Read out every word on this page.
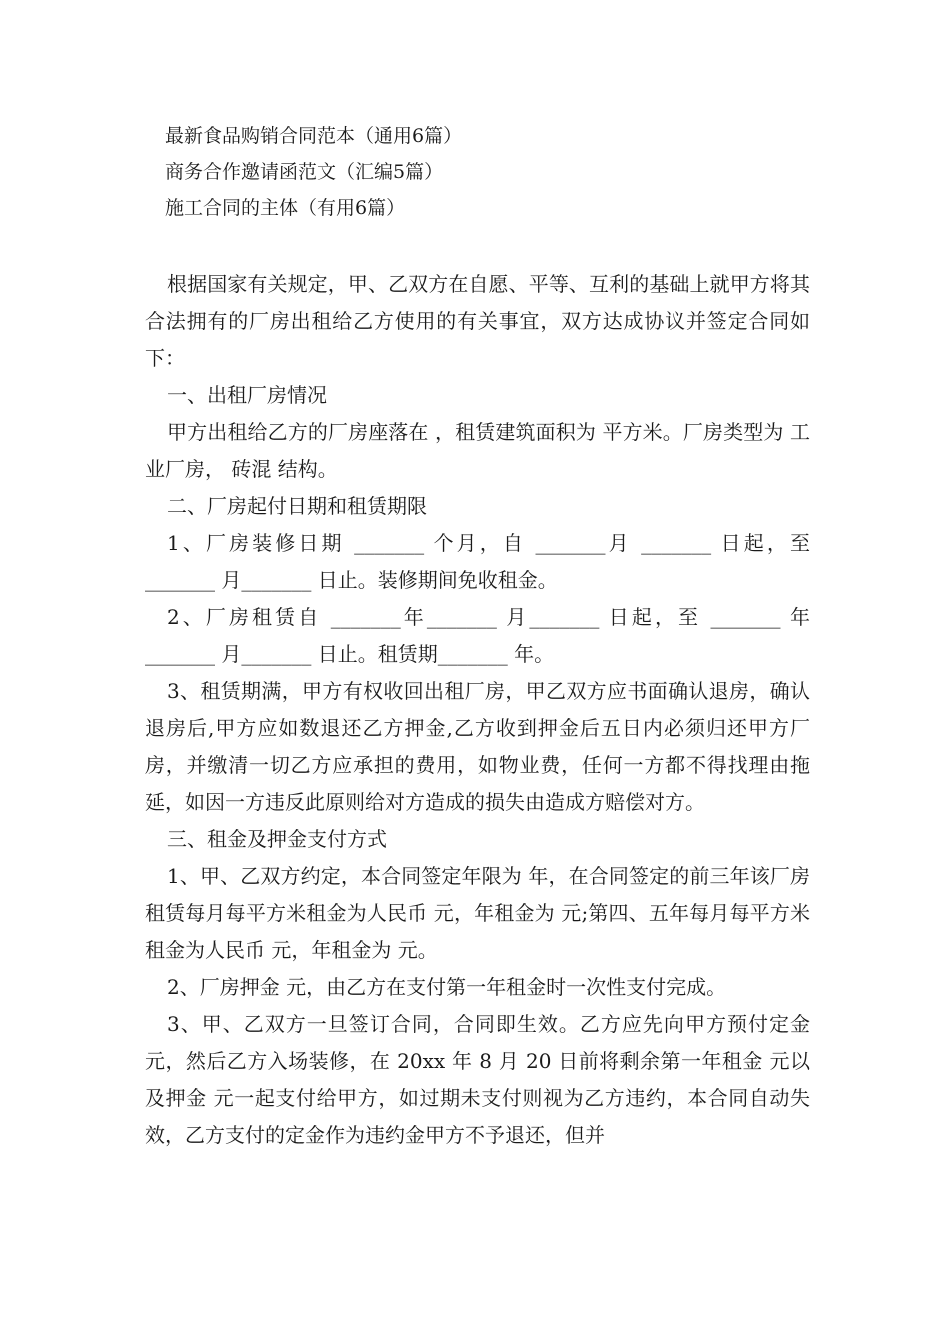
最新食品购销合同范本（通用6篇）
商务合作邀请函范文（汇编5篇）
施工合同的主体（有用6篇）

根据国家有关规定，甲、乙双方在自愿、平等、互利的基础上就甲方将其合法拥有的厂房出租给乙方使用的有关事宜，双方达成协议并签定合同如下：

一、出租厂房情况

甲方出租给乙方的厂房座落在 ，租赁建筑面积为 平方米。厂房类型为 工业厂房， 砖混 结构。

二、厂房起付日期和租赁期限

1、厂房装修日期 _______ 个月，自 _______月 _______ 日起，至 _______ 月_______ 日止。装修期间免收租金。

2、厂房租赁自 _______年_______ 月_______ 日起，至 _______ 年 _______ 月_______ 日止。租赁期_______ 年。

3、租赁期满，甲方有权收回出租厂房，甲乙双方应书面确认退房，确认退房后,甲方应如数退还乙方押金,乙方收到押金后五日内必须归还甲方厂房，并缴清一切乙方应承担的费用，如物业费，任何一方都不得找理由拖延，如因一方违反此原则给对方造成的损失由造成方赔偿对方。

三、租金及押金支付方式

1、甲、乙双方约定，本合同签定年限为 年，在合同签定的前三年该厂房租赁每月每平方米租金为人民币 元，年租金为 元;第四、五年每月每平方米租金为人民币 元，年租金为 元。

2、厂房押金 元，由乙方在支付第一年租金时一次性支付完成。

3、甲、乙双方一旦签订合同，合同即生效。乙方应先向甲方预付定金 元，然后乙方入场装修，在 20xx 年 8 月 20 日前将剩余第一年租金 元以及押金 元一起支付给甲方，如过期未支付则视为乙方违约，本合同自动失效，乙方支付的定金作为违约金甲方不予退还，但并
